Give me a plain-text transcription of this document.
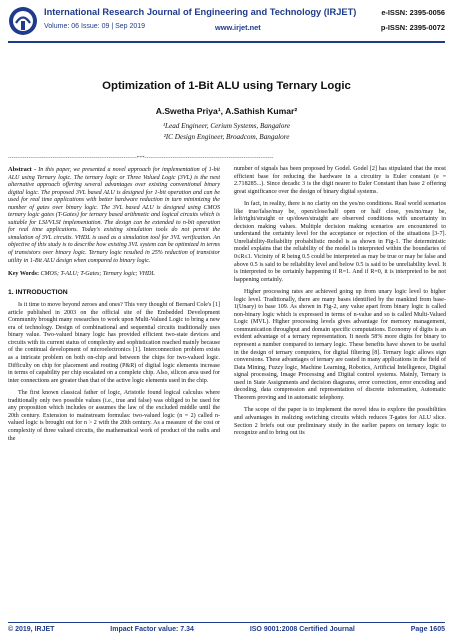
International Research Journal of Engineering and Technology (IRJET)
Volume: 06 Issue: 09 | Sep 2019	www.irjet.net
e-ISSN: 2395-0056
p-ISSN: 2395-0072
Optimization of 1-Bit ALU using Ternary Logic
A.Swetha Priya¹, A.Sathish Kumar²
¹Lead Engineer, Cerium Systems, Bangalore
²IC Design Engineer, Broadcom, Bangalore
---------------------------------------------------------------------***---------------------------------------------------------------------

Abstract - In this paper, we presented a novel approach for implementation of 1-bit ALU using Ternary logic. The ternary logic or Three Valued Logic (3VL) is the next alternative approach offering several advantages over existing conventional binary digital logic. The proposed 3VL based ALU is designed for 1-bit operation and can be used for real time applications with better hardware reduction in turn minimizing the number of gates over binary logic. The 3VL based ALU is designed using CMOS ternary logic gates (T-Gates) for ternary based arithmetic and logical circuits which is suitable for LSI/VLSI implementation. The design can be extended to n-bit operation for real time applications. Today's existing simulation tools do not permit the simulation of 3VL circuits. VHDL is used as a simulation tool for 3VL verification. An objective of this study is to describe how existing 3VL system can be optimized in terms of transistors over binary logic. Ternary logic resulted in 25% reduction of transistor utility in 1-Bit ALU design when compared to binary logic.

Key Words: CMOS; T-ALU; T-Gates; Ternary logic; VHDL

1. INTRODUCTION

Is it time to move beyond zeroes and ones? This very thought of Bernard Cole's [1] article published in 2003 on the official site of the Embedded Development Community brought many researches to work upon Multi-Valued Logic to bring a new era of technology. Design of combinational and sequential circuits traditionally uses binary value. Two-valued binary logic has provided efficient two-state devices and circuits with its current status of complexity and sophistication reached mainly because of the continual development of microelectronics [1]. Interconnection problem exists as a intricate problem on both on-chip and between the chips for two-valued logic. Difficulty on chip for placement and routing (P&R) of digital logic elements increase in terms of capability per chip escalated on a complete chip. Also, silicon area used for inter connections are greater than that of the active logic elements used in the chip.

The first known classical father of logic, Aristotle found logical calculus where traditionally only two possible values (i.e., true and false) was obliged to be used for any proposition which includes or assumes the law of the excluded middle until the 20th century. Extension to mainstream formulas: two-valued logic (n = 2) called n-valued logic is brought out for n > 2 with the 20th century. As a measure of the cost or complexity of three valued circuits, the mathematical work of product of the radix and the

number of signals has been proposed by Godel. Godel [2] has stipulated that the most efficient base for reducing the hardware in a circuitry is Euler constant (e = 2.718285...). Since decadic 3 is the digit nearer to Euler Constant than base 2 offering great significance over the design of binary digital systems.

In fact, in reality, there is no clarity on the yes/no conditions. Real world scenarios like true/false/may be, open/close/half open or half close, yes/no/may be, left/right/straight or up/down/straight are observed conditions with uncertainty in decision making values. Multiple decision making scenarios are encountered to understand the certainty level for the acceptance or rejection of the situations [3-7]. Unreliability-Reliability probabilistic model is as shown in Fig-1. The deterministic model explains that the reliability of the model is interpreted within the boundaries of 0≤R≤1. Vicinity of R being 0.5 could be interpreted as may be true or may be false and above 0.5 is said to be reliability level and below 0.5 is said to be unreliability level. It is interpreted to be certainly happening if R=1. And if R=0, it is interpreted to be not happening certainly.

Higher processing rates are achieved going up from unary logic level to higher logic level. Traditionally, there are many bases identified by the mankind from base-1(Unary) to base 109. As shown in Fig-2, any value apart from binary logic is called non-binary logic which is expressed in terms of n-value and so is called Multi-Valued Logic (MVL). Higher processing levels gives advantage for memory management, communication throughput and domain specific computations. Economy of digits is an evident advantage of a ternary representation. It needs 58% more digits for binary to represent a number compared to ternary logic. These benefits have shown to be useful in the design of ternary computers, for digital filtering [8]. Ternary logic allows sign conversions. These advantages of ternary are casted in many applications in the field of Data Mining, Fuzzy logic, Machine Learning, Robotics, Artificial Intelligence, Digital signal processing, Image Processing and Digital control systems. Mainly, Ternary is used in State Assignments and decision diagrams, error correction, error encoding and decoding, data compression and representation of discrete information, Automatic Theorem proving and in automatic telephony.

The scope of the paper is to implement the novel idea to explore the possibilities and advantages in realizing switching circuits which reduces T-gates for ALU slice. Section 2 briefs out our preliminary study in the earlier papers on ternary logic to recognize and to bring out its

© 2019, IRJET	Impact Factor value: 7.34	ISO 9001:2008 Certified Journal	Page 1605
